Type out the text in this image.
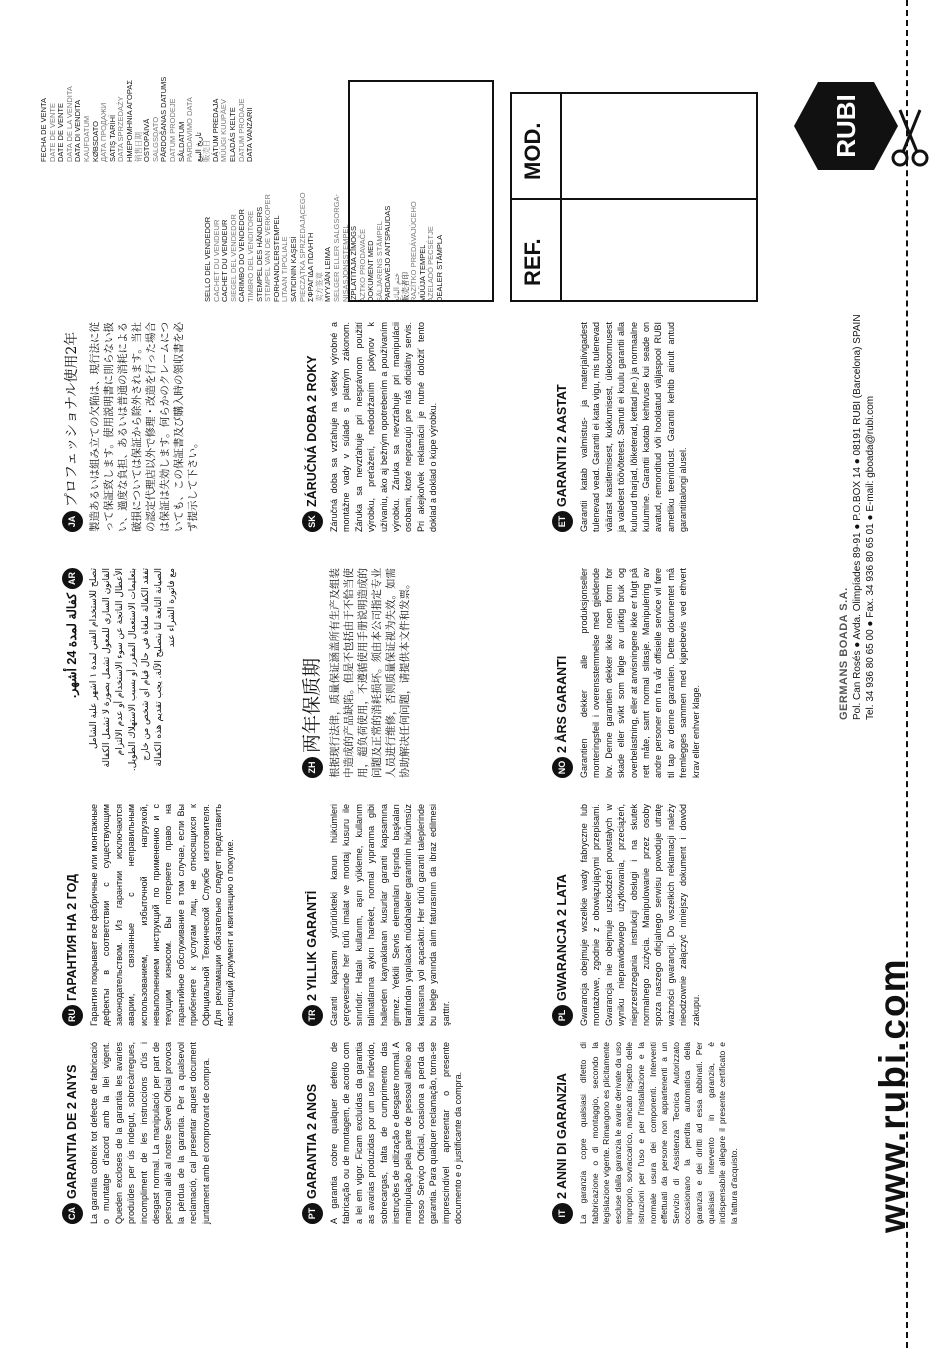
www.rubi.com
CA
GARANTIA DE 2 ANYS La garantia cobreix tot defecte de fabricació o muntatge d'acord amb la llei vigent. Queden excloses de la garantia les avaries produïdes per ús indegut, sobrecàrregues, incompliment de les instruccions d'ús i desgast normal. La manipulació per part de personal aliè al nostre Servei Oficial provoca la pèrdua de la garantia. Per a qualsevol reclamació, cal presentar aquest document juntament amb el comprovant de compra.

RU
ГАРАНТИЯ НА 2 ГОД Гарантия покрывает все фабричные или монтажные дефекты в соответствии с существующим законодательством. Из гарантии исключаются аварии, связанные с неправильным использованием, избыточной нагрузкой, невыполнением инструкций по применению и с текущим износом. Вы потеряете право на гарантийное обслуживание в том случае, если Вы прибегнете к услугам лиц, не относящихся к Официальной Технической Службе изготовителя. Для рекламации обязательно следует представить настоящий документ и квитанцию о покупке.

AR
كفالة لمدة 24 أشهر.

تصلح للاستخدام الفني لمدة ١ اشهر علبة الشامل القانون الساري للمعول تشمل بصورة لا تشمل الكفالة الأعطال الناتجة عن سوء الاستخدام أو عدم الالتزام بتعليمات الاستعمال المقرر أو بسبب الاستهلاك الطويل. تفقد الكفالة ملغاة في حال قيام أي شخص من خارج الصيانة التابعة لنا بتصليح الآلة. يجب تقديم هذه الكفالة مع فاتورة الشراء عند

JA
プロフェッショナル使用2年 製造あるいは組み立ての欠陥は、現行法に従って保証致します。使用説明書に則らない扱い、過度な負担、あるいは普通の消耗による破損については保証から除外されます。当社の認定代理店以外で修理・改造を行った場合は保証は失効します。何らかのクレームについても、この保証書及び購入時の領収書を必ず提示して下さい。

PT
GARANTIA 2 ANOS A garantia cobre qualquer defeito de fabricação ou de montagem, de acordo com a lei em vigor. Ficam excluídas da garantia as avarias produzidas por um uso indevido, sobrecargas, falta de cumprimento das instruções de utilização e desgaste normal. A manipulação pela parte de pessoal alheio ao nosso Serviço Oficial, ocasiona a perda da garantia. Para qualquer reclamação, torna-se imprescindível apresentar o presente documento e o justificante da compra.

TR
2 YILLIK GARANTİ Garanti kapsamı yürürlükteki kanun hükümleri çerçevesinde her türlü imalat ve montaj kusuru ile sınırlıdır. Hatalı kullanım, aşırı yükleme, kullanım talimatlarına aykırı hareket, normal yıpranma gibi hallerden kaynaklanan kusurlar garanti kapsamına girmez. Yetkili Servis elemanları dışında başkaları tarafından yapılacak müdahaleler garantinin hükümsüz kalmasına yol açacaktır. Her türlü garanti taleplerinde bu belge yanında alım faturasının da ibraz edilmesi şarttır.

ZH
两年保质期 根据现行法律，质量保证涵盖所有生产及组装中造成的产品缺陷。但是不包括由于不恰当使用，超负荷使用，不遵循使用手册说明造成的问题及正常的消耗损坏。须由本公司指定专业人员进行维修，否则质量保证视为失效。如需协助解决任何问题，请提供本文件和发票。

SK
ZÁRUČNÁ DOBA 2 ROKY Záručná doba sa vzťahuje na všetky výrobné a montážne vady v súlade s platným zákonom. Záruka sa nevzťahuje pri nesprávnom použití výrobku, preťažení, nedodržaním pokynov k užívaniu, ako aj bežným opotrebením a používaním výrobku. Záruka sa nevzťahuje pri manipulácii osobami, ktoré nepracujú pre náš oficiálny servis. Pri akejkoľvek reklamácii je nutné doložiť tento doklad a doklad o kúpe výrobku.

IT
2 ANNI DI GARANZIA La garanzia copre qualsiasi difetto di fabbricazione o di montaggio, secondo la legislazione vigente. Rimangono es plicitamente escluse dalla garanzia le avarie derivate da uso improprio, sovraccarico, mancato rispetto delle istruzioni per l'uso e per l'installazione e la normale usura dei componenti. Interventi effettuati da persone non appartenenti a un Servizio di Assistenza Tecnica Autorizzato occasionano la perdita automatica della garanzia e dei diritti ad essa abbinati. Per qualsiasi intervento in garanzia, è indispensabile allegare il presente certificato e la fattura d'acquisto.

PL
GWARANCJA 2 LATA Gwarancja obejmuje wszelkie wady fabryczne lub montażowe, zgodnie z obowiązującymi przepisami. Gwarancja nie obejmuje uszkodzeń powstałych w wyniku nieprawidłowego użytkowania, przeciążeń, nieprzestrzegania instrukcji obsługi i na skutek normalnego zużycia. Manipulowanie przez osoby spoza naszego oficjalnego serwisu powoduje utratę ważności gwarancji. Do wszelkich reklamacji należy nieodzownie załączyć niniejszy dokument i dowód zakupu.

NO
2 ÅRS GARANTI Garantien dekker alle produksjonseller monteringsfeil i overensstemmelse med gjeldende lov. Denne garantien dekker ikke noen form for skade eller svikt som følge av uriktig bruk og overbelastning, eller at anvisningene ikke er fulgt på rett måte, samt normal slitasje. Manipulering av andre personer enn fra vår offisielle service vil føre til tap av denne garantien. Dette dokumentet må fremlegges sammen med kjøpebevis ved ethvert krav eller enhver klage.

ET
GARANTII 2 AASTAT Garantii katab valmistus- ja materjalivigadest tulenevad vead. Garantii ei kata vigu, mis tulenevad väärast kasitlemisest, kukkumisest, ülekoormusest ja valedest töövõtetest. Samuti ei kuulu garantii alla kulunud tharjad, lõiketerad, kettad jne.) ja normaalne kulumine. Garantii kaotab kehtivuse kui seade on avatud, remonditud või hooldatud väljaspool RUBI ametliku teenindust. Garantii kehtib ainult antud garantiitalongi alusel.

GERMANS BOADA S.A. Pol. Can Rosés ● Avda. Olimpíades 89-91 ● P.O.BOX 14 ● 08191 RUBI (Barcelona) SPAIN Tel. 34 936 80 65 00 ● Fax. 34 936 80 65 01 ● E-mail: gboada@rubi.com
SELLO DEL VENDEDOR CACHET DU VENDEUR CACHET DU VENDEUR SIEGEL DEL VENDEDOR CARIMBO DO VENDEDOR TIMBRO DEL VENDITORE STEMPEL DES HÄNDLERS STEMPEL VAN DE VERKOPER FORHANDLERSTEMPEL LITAAN TIPOLIALE SATICININ KAŞESİ PIECZĄTKA SPRZEDAJĄCEGO ΣΦΡΑΓΙΔΑ ΠΩΛΗΤΗ 卖方签章 MYYJÄN LEIMA SELGER ELLER SALGSORGA- NISASJONSSTEMPEL IZPLATITAJA ZĪMOGS AZTKO PRODAVAČE DOKUMENT MED SÄLJARENS STÄMPEL PARDAVĖJO ANTSPAUDAS ختم البائع 販売者印 RAZÍTKO PREDÁVAJÚCEHO MÜÜJA TEMPEL AZELADÓ PECSÉTJE DEALER STÄMPLA
FECHA DE VENTA DATE DE VENTE DATE DE VENTE DATA DE LA VENDITA DATA DI VENDITA KAUFDATUM KØBSDATO ДАТА ПРОДАЖИ SATIŞ TARİHİ DATA SPRZEDAŻY ΗΜΕΡΟΜΗΝΙΑ ΑΓΟΡΑΣ 销售日期 OSTOPÄIVÄ SALGSDATO PĀRDOŠANAS DATUMS DATUM PRODEJE SÅLDATUM PARDAVIMO DATA تاريخ البيع 販売日 DÁTUM PREDAJA MÜÜGI KUUPÄEV ELADÁS KELTE DATUM PRODAJE DATA VANZARII
REF.
MOD.	RUBI
